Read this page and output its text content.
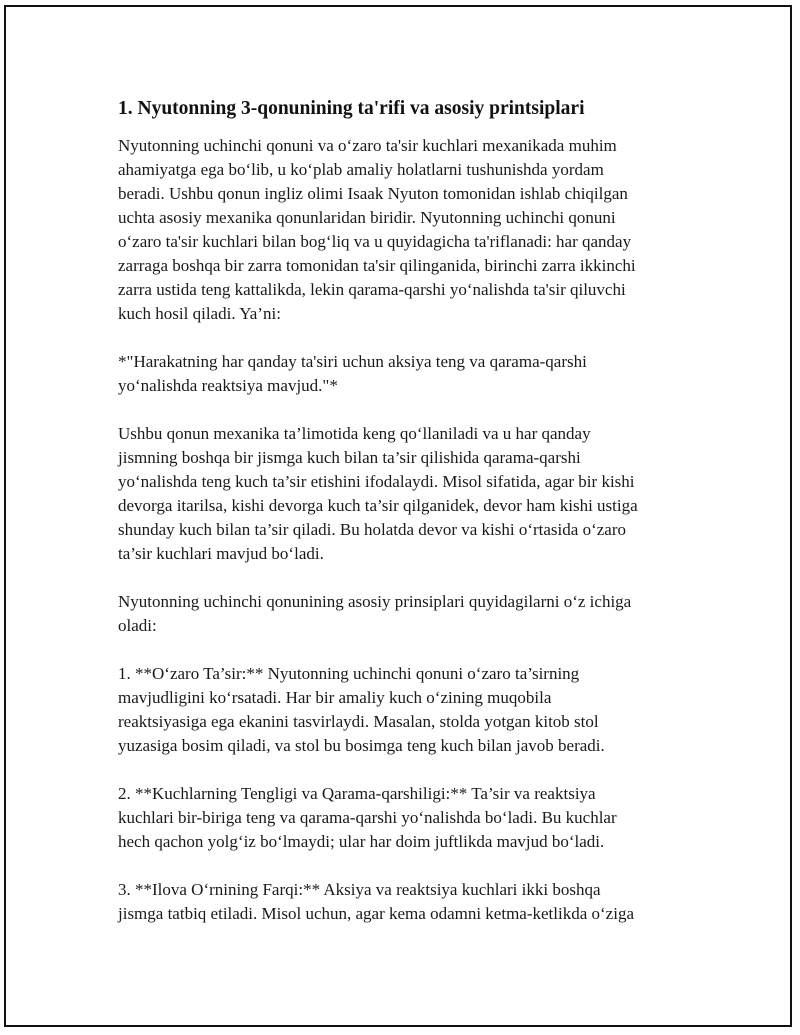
1. Nyutonning 3-qonunining ta'rifi va asosiy printsiplari

Nyutonning uchinchi qonuni va o‘zaro ta'sir kuchlari mexanikada muhim
ahamiyatga ega bo‘lib, u ko‘plab amaliy holatlarni tushunishda yordam
beradi. Ushbu qonun ingliz olimi Isaak Nyuton tomonidan ishlab chiqilgan
uchta asosiy mexanika qonunlaridan biridir. Nyutonning uchinchi qonuni
o‘zaro ta'sir kuchlari bilan bog‘liq va u quyidagicha ta'riflanadi: har qanday
zarraga boshqa bir zarra tomonidan ta'sir qilinganida, birinchi zarra ikkinchi
zarra ustida teng kattalikda, lekin qarama-qarshi yo‘nalishda ta'sir qiluvchi
kuch hosil qiladi. Ya’ni:

*"Harakatning har qanday ta'siri uchun aksiya teng va qarama-qarshi
yo‘nalishda reaktsiya mavjud."*

Ushbu qonun mexanika ta’limotida keng qo‘llaniladi va u har qanday
jismning boshqa bir jismga kuch bilan ta’sir qilishida qarama-qarshi
yo‘nalishda teng kuch ta’sir etishini ifodalaydi. Misol sifatida, agar bir kishi
devorga itarilsa, kishi devorga kuch ta’sir qilganidek, devor ham kishi ustiga
shunday kuch bilan ta’sir qiladi. Bu holatda devor va kishi o‘rtasida o‘zaro
ta’sir kuchlari mavjud bo‘ladi.

Nyutonning uchinchi qonunining asosiy prinsiplari quyidagilarni o‘z ichiga
oladi:

1. **O‘zaro Ta’sir:** Nyutonning uchinchi qonuni o‘zaro ta’sirning
mavjudligini ko‘rsatadi. Har bir amaliy kuch o‘zining muqobila
reaktsiyasiga ega ekanini tasvirlaydi. Masalan, stolda yotgan kitob stol
yuzasiga bosim qiladi, va stol bu bosimga teng kuch bilan javob beradi.

2. **Kuchlarning Tengligi va Qarama-qarshiligi:** Ta’sir va reaktsiya
kuchlari bir-biriga teng va qarama-qarshi yo‘nalishda bo‘ladi. Bu kuchlar
hech qachon yolg‘iz bo‘lmaydi; ular har doim juftlikda mavjud bo‘ladi.

3. **Ilova O‘rnining Farqi:** Aksiya va reaktsiya kuchlari ikki boshqa
jismga tatbiq etiladi. Misol uchun, agar kema odamni ketma-ketlikda o‘ziga
